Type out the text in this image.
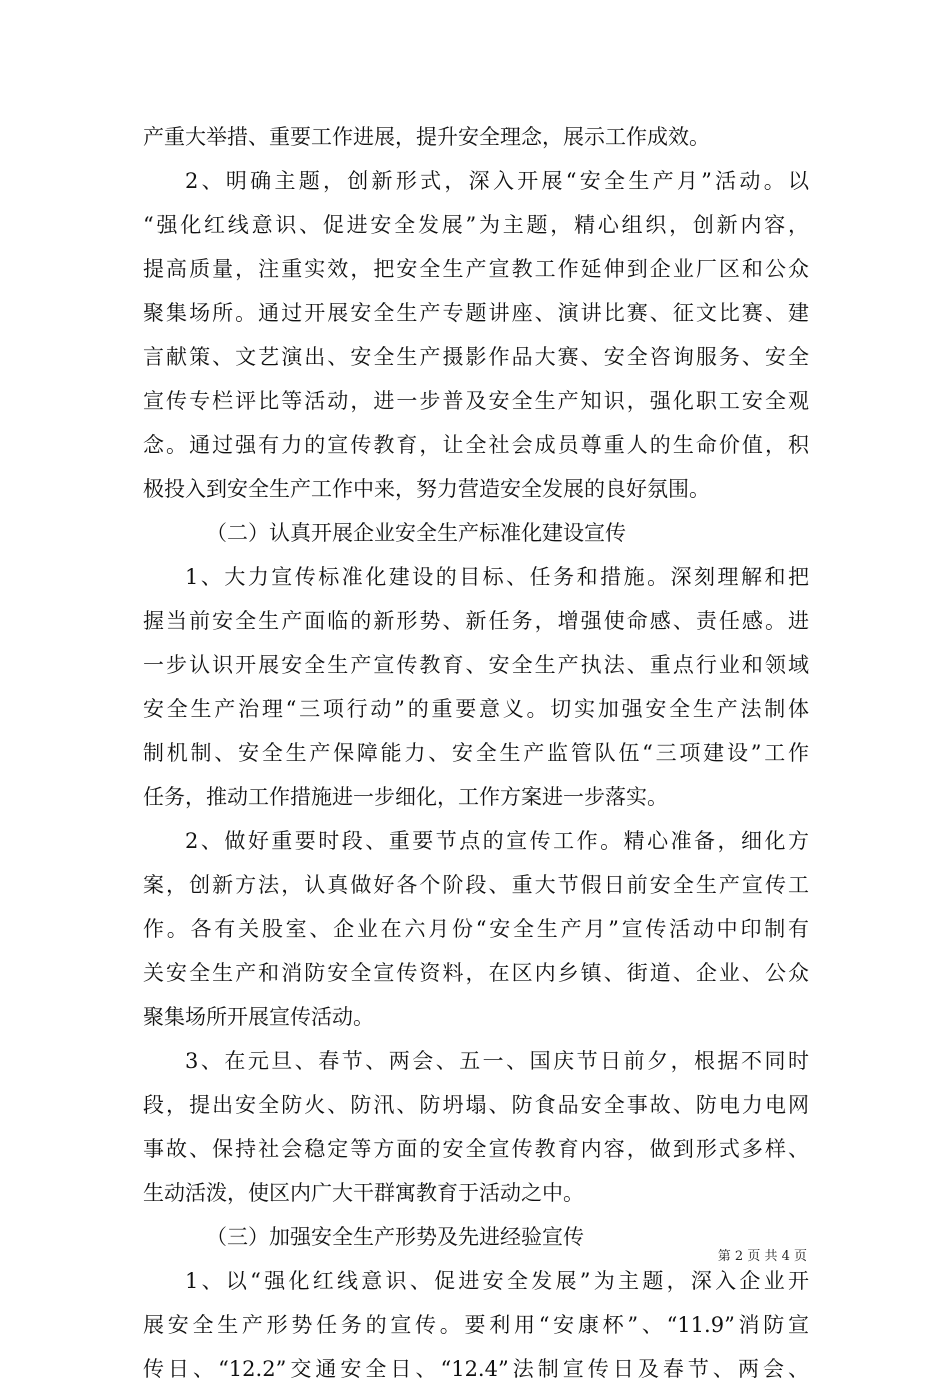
产重大举措、重要工作进展，提升安全理念，展示工作成效。
2、明确主题，创新形式，深入开展“安全生产月”活动。以
“强化红线意识、促进安全发展”为主题，精心组织，创新内容，
提高质量，注重实效，把安全生产宣教工作延伸到企业厂区和公众
聚集场所。通过开展安全生产专题讲座、演讲比赛、征文比赛、建
言献策、文艺演出、安全生产摄影作品大赛、安全咨询服务、安全
宣传专栏评比等活动，进一步普及安全生产知识，强化职工安全观
念。通过强有力的宣传教育，让全社会成员尊重人的生命价值，积
极投入到安全生产工作中来，努力营造安全发展的良好氛围。
（二）认真开展企业安全生产标准化建设宣传
1、大力宣传标准化建设的目标、任务和措施。深刻理解和把
握当前安全生产面临的新形势、新任务，增强使命感、责任感。进
一步认识开展安全生产宣传教育、安全生产执法、重点行业和领域
安全生产治理“三项行动”的重要意义。切实加强安全生产法制体
制机制、安全生产保障能力、安全生产监管队伍“三项建设”工作
任务，推动工作措施进一步细化，工作方案进一步落实。
2、做好重要时段、重要节点的宣传工作。精心准备，细化方
案，创新方法，认真做好各个阶段、重大节假日前安全生产宣传工
作。各有关股室、企业在六月份“安全生产月”宣传活动中印制有
关安全生产和消防安全宣传资料，在区内乡镇、街道、企业、公众
聚集场所开展宣传活动。
3、在元旦、春节、两会、五一、国庆节日前夕，根据不同时
段，提出安全防火、防汛、防坍塌、防食品安全事故、防电力电网
事故、保持社会稳定等方面的安全宣传教育内容，做到形式多样、
生动活泼，使区内广大干群寓教育于活动之中。
（三）加强安全生产形势及先进经验宣传
1、以“强化红线意识、促进安全发展”为主题，深入企业开
展安全生产形势任务的宣传。要利用“安康杯”、“11.9”消防宣
传日、“12.2”交通安全日、“12.4”法制宣传日及春节、两会、
第 2 页 共 4 页
